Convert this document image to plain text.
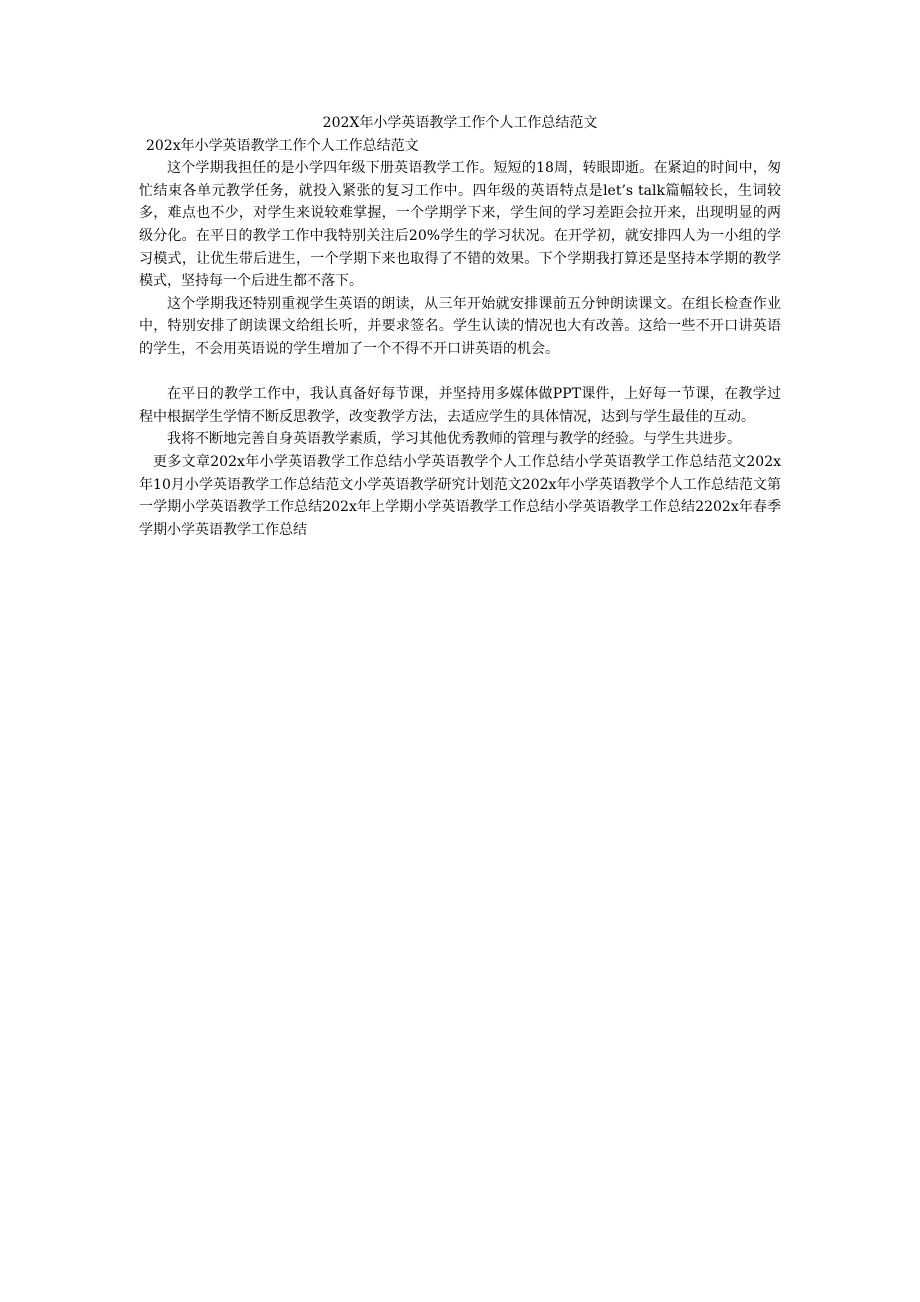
202X年小学英语教学工作个人工作总结范文
202x年小学英语教学工作个人工作总结范文

这个学期我担任的是小学四年级下册英语教学工作。短短的18周，转眼即逝。在紧迫的时间中，匆忙结束各单元教学任务，就投入紧张的复习工作中。四年级的英语特点是let’s talk篇幅较长，生词较多，难点也不少，对学生来说较难掌握，一个学期学下来，学生间的学习差距会拉开来，出现明显的两级分化。在平日的教学工作中我特别关注后20%学生的学习状况。在开学初，就安排四人为一小组的学习模式，让优生带后进生，一个学期下来也取得了不错的效果。下个学期我打算还是坚持本学期的教学模式，坚持每一个后进生都不落下。

这个学期我还特别重视学生英语的朗读，从三年开始就安排课前五分钟朗读课文。在组长检查作业中，特别安排了朗读课文给组长听，并要求签名。学生认读的情况也大有改善。这给一些不开口讲英语的学生，不会用英语说的学生增加了一个不得不开口讲英语的机会。

在平日的教学工作中，我认真备好每节课，并坚持用多媒体做PPT课件，上好每一节课，在教学过程中根据学生学情不断反思教学，改变教学方法，去适应学生的具体情况，达到与学生最佳的互动。

我将不断地完善自身英语教学素质，学习其他优秀教师的管理与教学的经验。与学生共进步。

更多文章202x年小学英语教学工作总结小学英语教学个人工作总结小学英语教学工作总结范文202x年10月小学英语教学工作总结范文小学英语教学研究计划范文202x年小学英语教学个人工作总结范文第一学期小学英语教学工作总结202x年上学期小学英语教学工作总结小学英语教学工作总结2202x年春季学期小学英语教学工作总结
